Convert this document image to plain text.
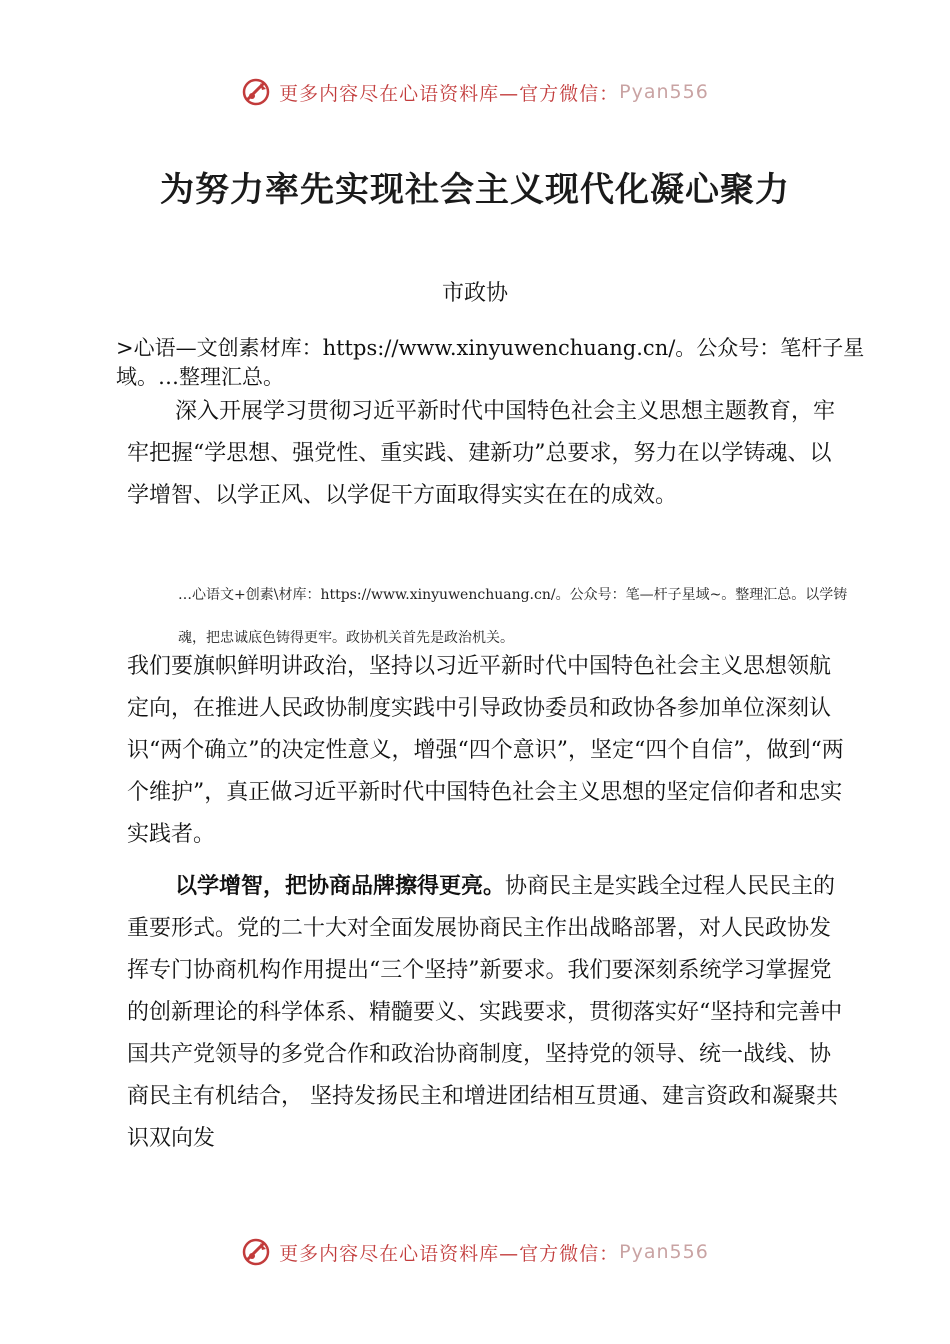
更多内容尽在心语资料库—官方微信： Pyan556
为努力率先实现社会主义现代化凝心聚力
市政协
>心语—文创素材库：https://www.xinyuwenchuang.cn/。公众号：笔杆子星域。…整理汇总。
深入开展学习贯彻习近平新时代中国特色社会主义思想主题教育，牢牢把握“学思想、强党性、重实践、建新功”总要求，努力在以学铸魂、以学增智、以学正风、以学促干方面取得实实在在的成效。
…心语文+创素\材库：https://www.xinyuwenchuang.cn/。公众号：笔—杆子星域~。整理汇总。以学铸魂，把忠诚底色铸得更牢。政协机关首先是政治机关。
我们要旗帜鲜明讲政治，坚持以习近平新时代中国特色社会主义思想领航定向，在推进人民政协制度实践中引导政协委员和政协各参加单位深刻认识“两个确立”的决定性意义，增强“四个意识”，坚定“四个自信”，做到“两个维护”，真正做习近平新时代中国特色社会主义思想的坚定信仰者和忠实实践者。
以学增智，把协商品牌擦得更亮。协商民主是实践全过程人民民主的重要形式。党的二十大对全面发展协商民主作出战略部署，对人民政协发挥专门协商机构作用提出“三个坚持”新要求。我们要深刻系统学习掌握党的创新理论的科学体系、精髓要义、实践要求，贯彻落实好“坚持和完善中国共产党领导的多党合作和政治协商制度，坚持党的领导、统一战线、协商民主有机结合， 坚持发扬民主和增进团结相互贯通、建言资政和凝聚共识双向发
更多内容尽在心语资料库—官方微信： Pyan556
